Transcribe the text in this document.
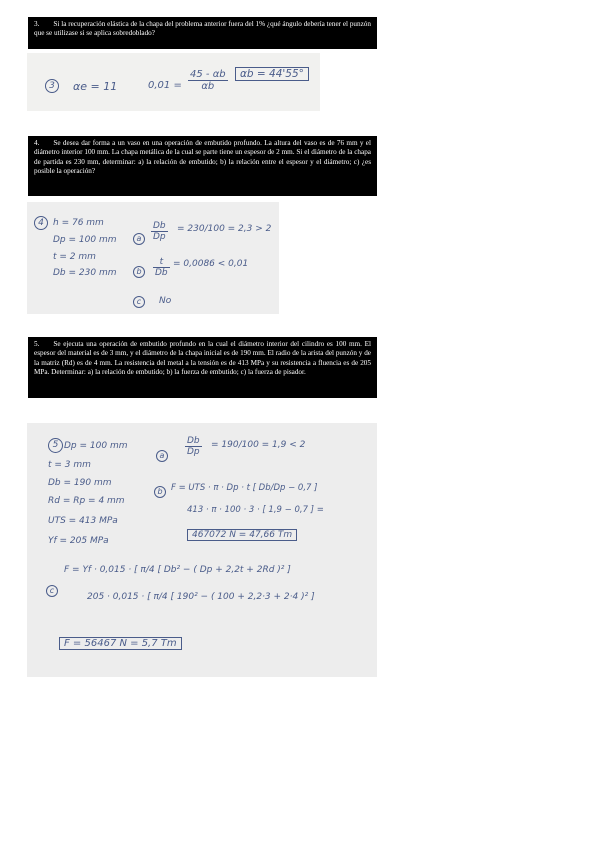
3. Si la recuperación elástica de la chapa del problema anterior fuera del 1% ¿qué ángulo debería tener el punzón que se utilizase si se aplica sobredoblado?
3	αe = 11	$0,01 = \frac{45 - \alpha b}{\alpha b}$	αb = 44'55°
4. Se desea dar forma a un vaso en una operación de embutido profundo. La altura del vaso es de 76 mm y el diámetro interior 100 mm. La chapa metálica de la cual se parte tiene un espesor de 2 mm. Si el diámetro de la chapa de partida es 230 mm, determinar: a) la relación de embutido; b) la relación entre el espesor y el diámetro; c) ¿es posible la operación?
4	h = 76 mm
Dp = 100 mm
t = 2 mm
Db = 230 mm
a	$\frac{Db}{Dp} = 230/100 = 2,3 > 2$
b	$\frac{t}{Db} = 0,0086 < 0,01$
c	No
5. Se ejecuta una operación de embutido profundo en la cual el diámetro interior del cilindro es 100 mm. El espesor del material es de 3 mm, y el diámetro de la chapa inicial es de 190 mm. El radio de la arista del punzón y de la matriz (Rd) es de 4 mm. La resistencia del metal a la tensión es de 413 MPa y su resistencia a fluencia es de 205 MPa. Determinar: a) la relación de embutido; b) la fuerza de embutido; c) la fuerza de pisador.
5 Dp = 100 mm
t = 3 mm
Db = 190 mm
Rd = Rp = 4 mm
UTS = 413 MPa
Yf = 205 MPa
a	$\frac{Db}{Dp} = 190/100 = 1,9 < 2$
b F = UTS · π · Dp · t [ Db/Dp − 0,7 ]
413 · π · 100 · 3 · [ 1,9 − 0,7 ] =
467072 N = 47,66 Tm
c
F = Yf · 0,015 · [ π/4 [ Db² − ( Dp + 2,2t + 2Rd )² ]
205 · 0,015 · [ π/4 [ 190² − ( 100 + 2,2·3 + 2·4 )² ]
F = 56467 N = 5,7 Tm
